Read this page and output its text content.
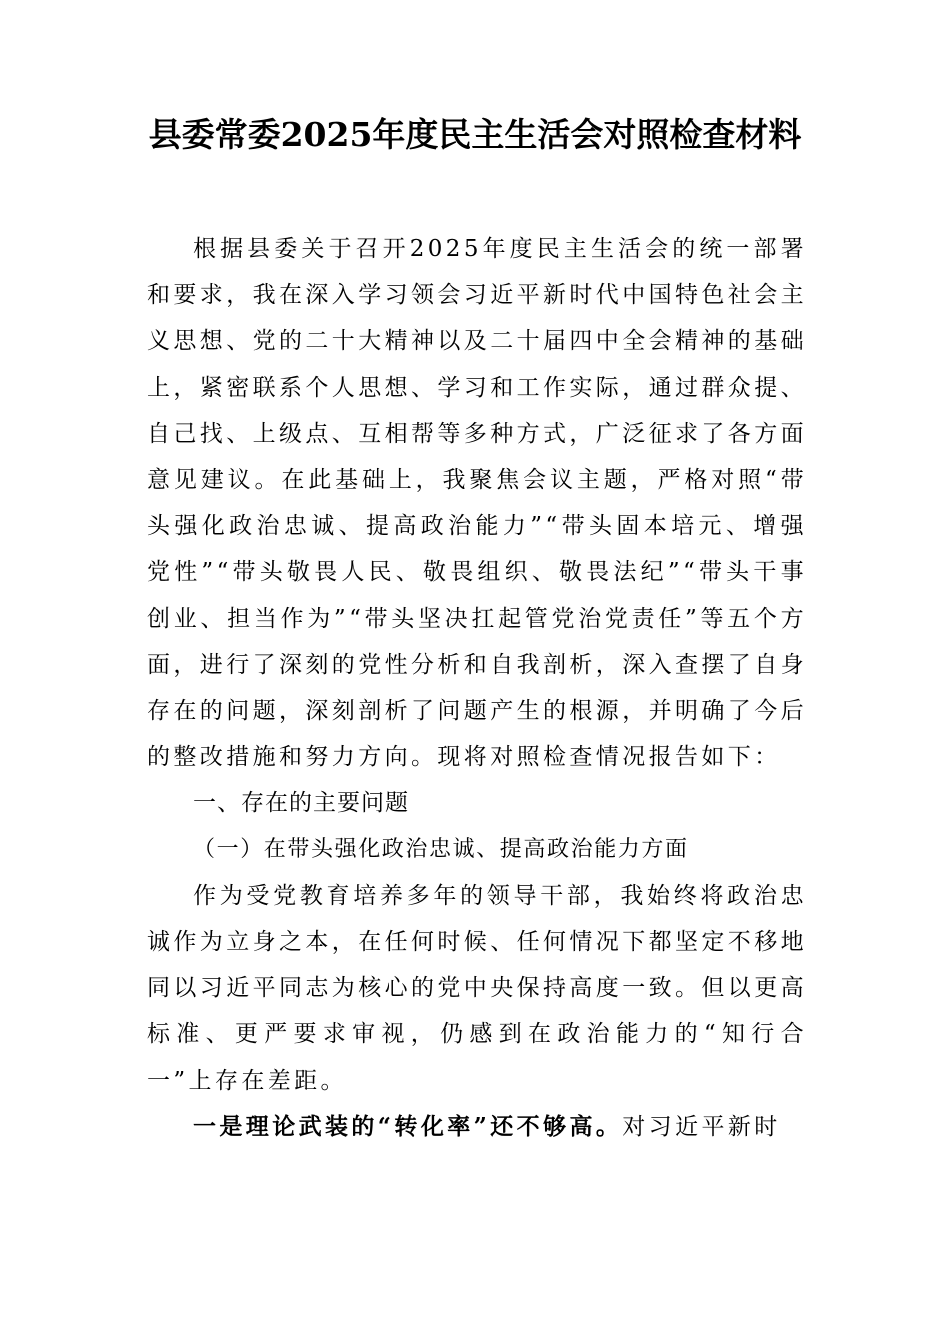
县委常委2025年度民主生活会对照检查材料

根据县委关于召开2025年度民主生活会的统一部署和要求，我在深入学习领会习近平新时代中国特色社会主义思想、党的二十大精神以及二十届四中全会精神的基础上，紧密联系个人思想、学习和工作实际，通过群众提、自己找、上级点、互相帮等多种方式，广泛征求了各方面意见建议。在此基础上，我聚焦会议主题，严格对照“带头强化政治忠诚、提高政治能力”“带头固本培元、增强党性”“带头敬畏人民、敬畏组织、敬畏法纪”“带头干事创业、担当作为”“带头坚决扛起管党治党责任”等五个方面，进行了深刻的党性分析和自我剖析，深入查摆了自身存在的问题，深刻剖析了问题产生的根源，并明确了今后的整改措施和努力方向。现将对照检查情况报告如下：

一、存在的主要问题

（一）在带头强化政治忠诚、提高政治能力方面

作为受党教育培养多年的领导干部，我始终将政治忠诚作为立身之本，在任何时候、任何情况下都坚定不移地同以习近平同志为核心的党中央保持高度一致。但以更高标准、更严要求审视，仍感到在政治能力的“知行合一”上存在差距。

一是理论武装的“转化率”还不够高。对习近平新时
